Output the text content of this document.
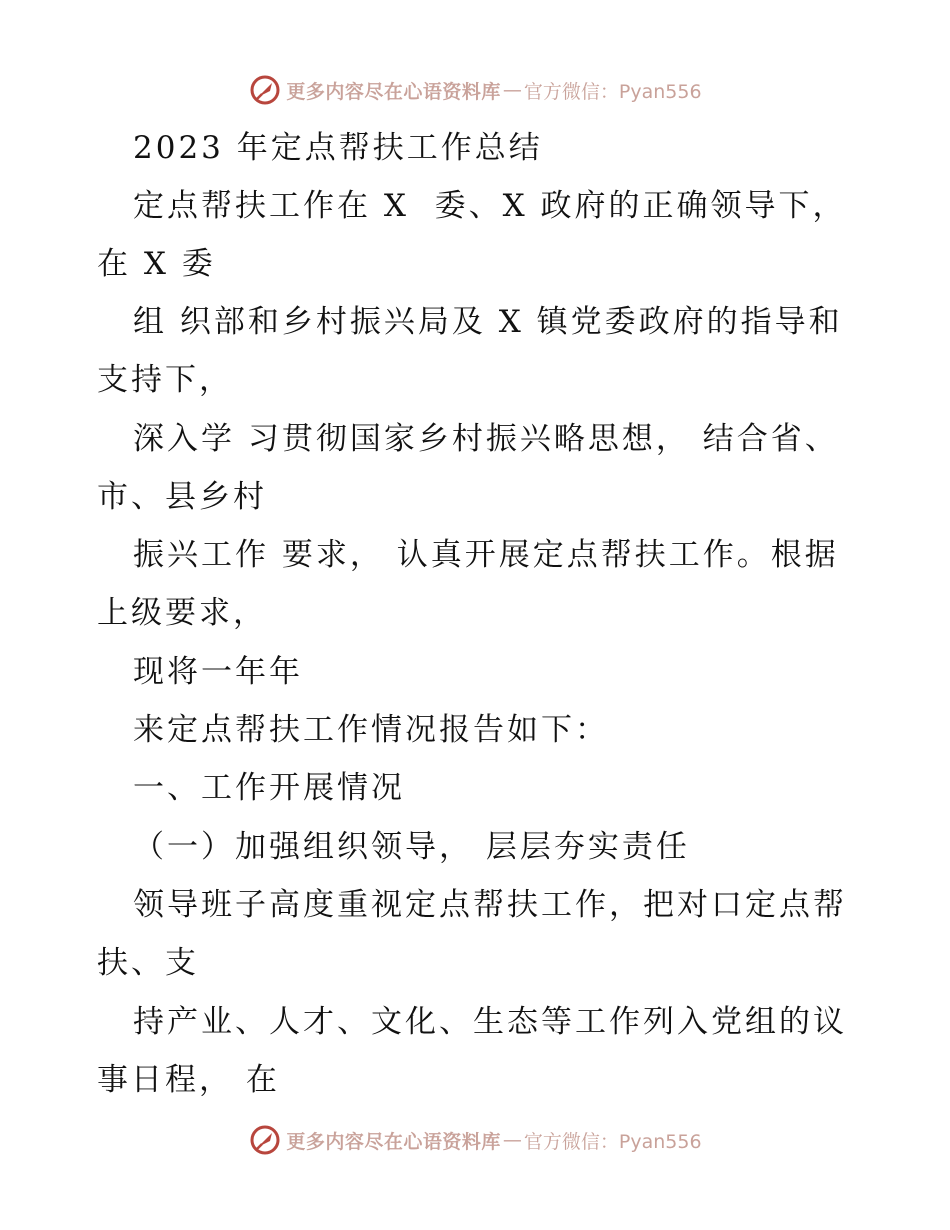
更多内容尽在心语资料库 — 官方微信：Pyan556
2023 年定点帮扶工作总结
定点帮扶工作在 X  委、X 政府的正确领导下，
在 X 委
组 织部和乡村振兴局及 X 镇党委政府的指导和
支持下，
深入学 习贯彻国家乡村振兴略思想， 结合省、
市、县乡村
振兴工作 要求， 认真开展定点帮扶工作。根据
上级要求，
现将一年年
来定点帮扶工作情况报告如下：
一、工作开展情况
（一）加强组织领导， 层层夯实责任
领导班子高度重视定点帮扶工作，把对口定点帮
扶、支
持产业、人才、文化、生态等工作列入党组的议
事日程， 在
更多内容尽在心语资料库 — 官方微信：Pyan556
